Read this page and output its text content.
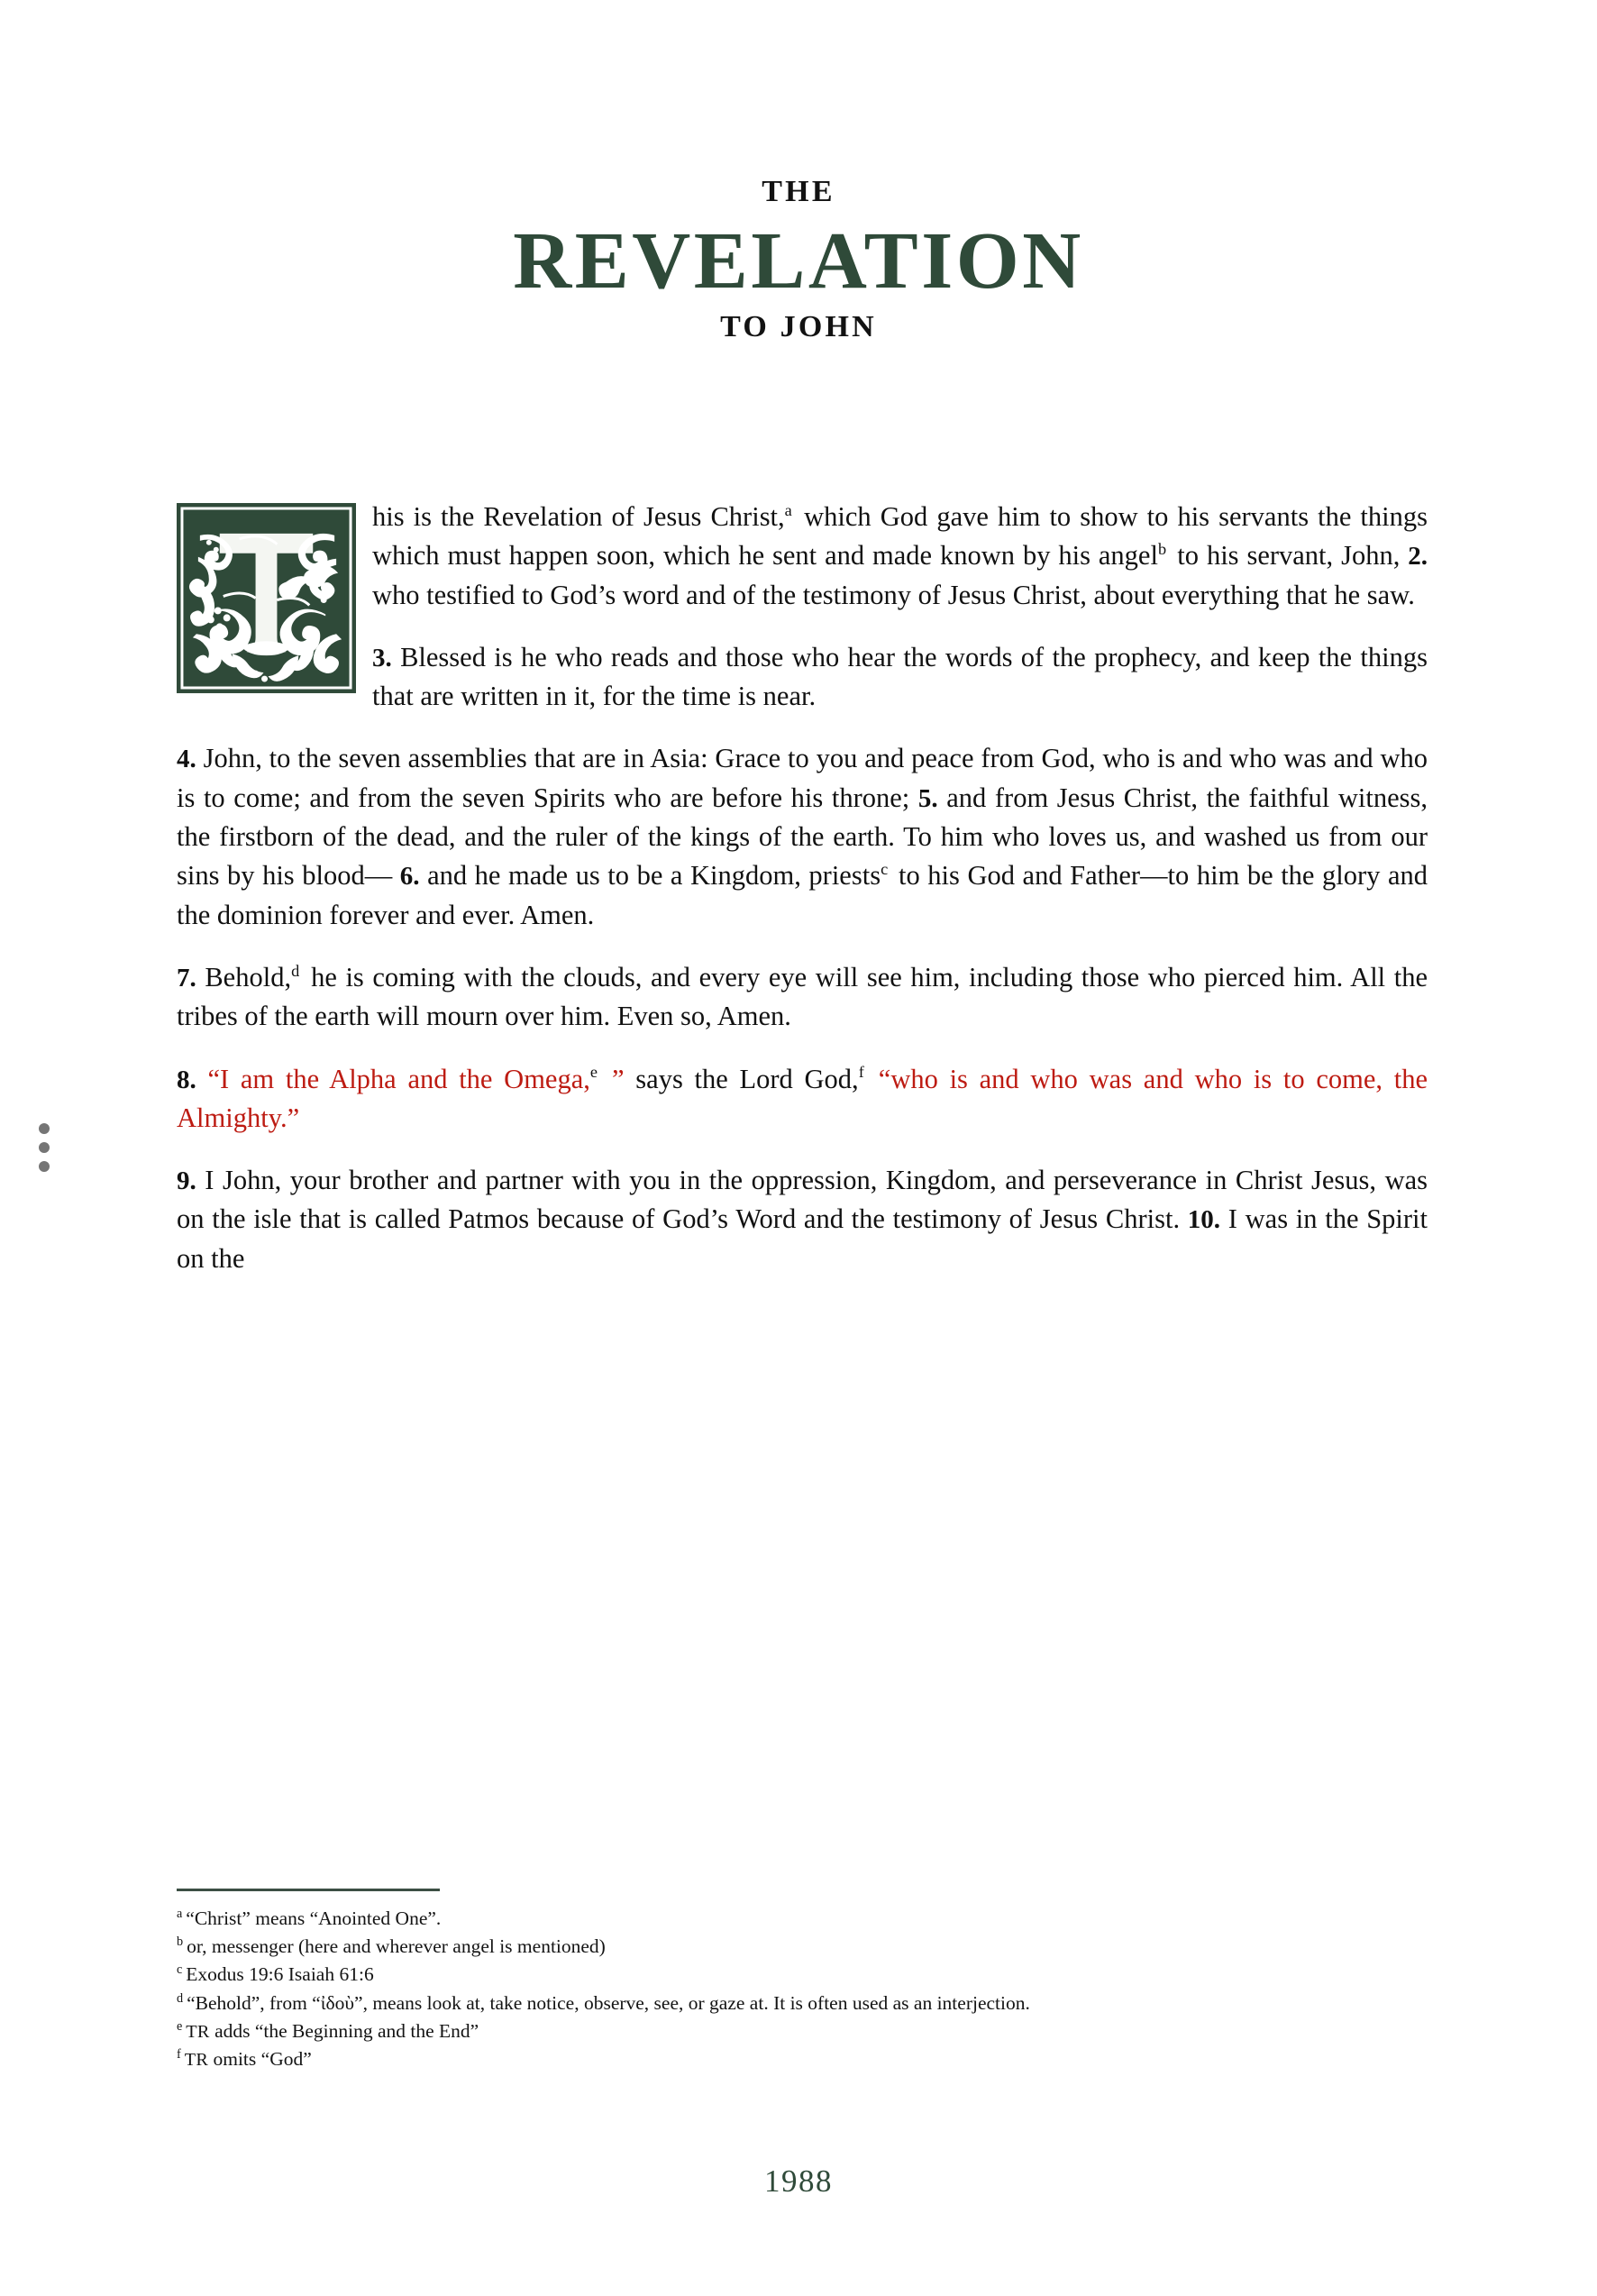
THE
REVELATION
TO JOHN

his is the Revelation of Jesus Christ,$^a$ which God gave him to show to his servants the things which must happen soon, which he sent and made known by his angel$^b$ to his servant, John, 2. who testified to God’s word and of the testimony of Jesus Christ, about everything that he saw.

3. Blessed is he who reads and those who hear the words of the prophecy, and keep the things that are written in it, for the time is near.

4. John, to the seven assemblies that are in Asia: Grace to you and peace from God, who is and who was and who is to come; and from the seven Spirits who are before his throne; 5. and from Jesus Christ, the faithful witness, the firstborn of the dead, and the ruler of the kings of the earth. To him who loves us, and washed us from our sins by his blood— 6. and he made us to be a Kingdom, priests$^c$ to his God and Father—to him be the glory and the dominion forever and ever. Amen.

7. Behold,$^d$ he is coming with the clouds, and every eye will see him, including those who pierced him. All the tribes of the earth will mourn over him. Even so, Amen.

8. “I am the Alpha and the Omega,$^e$ ” says the Lord God,$^f$ “who is and who was and who is to come, the Almighty.”

9. I John, your brother and partner with you in the oppression, Kingdom, and perseverance in Christ Jesus, was on the isle that is called Patmos because of God’s Word and the testimony of Jesus Christ. 10. I was in the Spirit on the

$^a$ “Christ” means “Anointed One”.

$^b$ or, messenger (here and wherever angel is mentioned)

$^c$ Exodus 19:6 Isaiah 61:6

$^d$ “Behold”, from “ἰδοὺ”, means look at, take notice, observe, see, or gaze at. It is often used as an interjection.

$^e$ TR adds “the Beginning and the End”

$^f$ TR omits “God”

1988
